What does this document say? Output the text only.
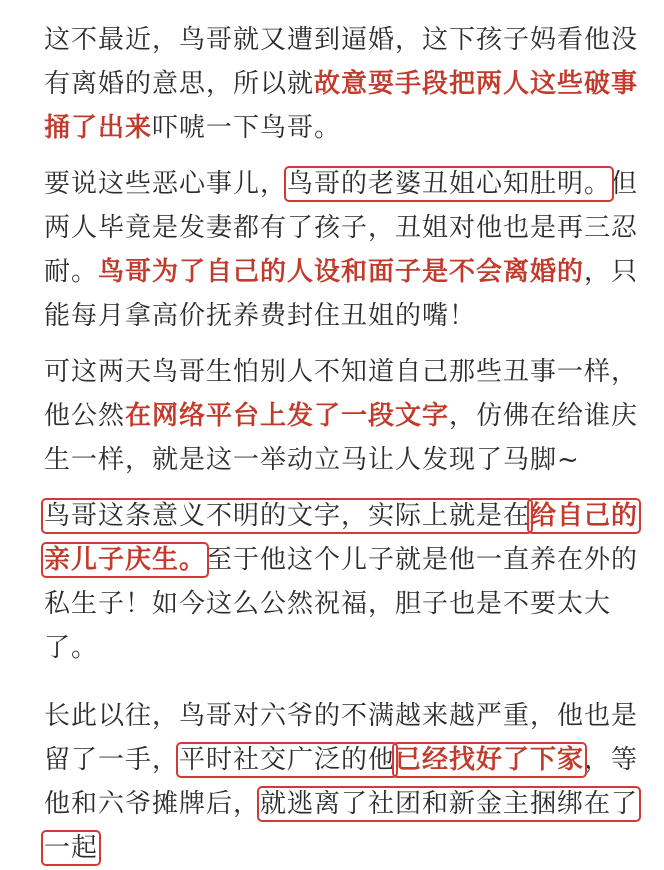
这不最近，鸟哥就又遭到逼婚，这下孩子妈看他没有离婚的意思，所以就故意耍手段把两人这些破事捅了出来吓唬一下鸟哥。

要说这些恶心事儿，鸟哥的老婆丑姐心知肚明。但两人毕竟是发妻都有了孩子，丑姐对他也是再三忍耐。鸟哥为了自己的人设和面子是不会离婚的，只能每月拿高价抚养费封住丑姐的嘴！

可这两天鸟哥生怕别人不知道自己那些丑事一样，他公然在网络平台上发了一段文字，仿佛在给谁庆生一样，就是这一举动立马让人发现了马脚~

鸟哥这条意义不明的文字，实际上就是在给自己的亲儿子庆生。至于他这个儿子就是他一直养在外的私生子！如今这么公然祝福，胆子也是不要太大了。

长此以往，鸟哥对六爷的不满越来越严重，他也是留了一手，平时社交广泛的他已经找好了下家，等他和六爷摊牌后，就逃离了社团和新金主捆绑在了一起
